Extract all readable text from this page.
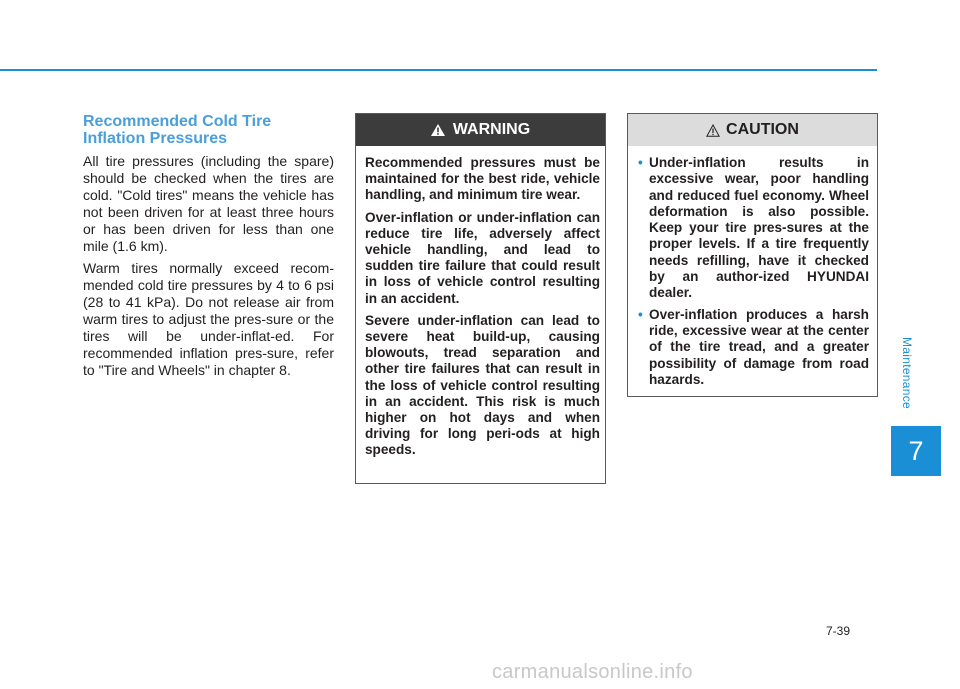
Recommended Cold Tire
Inflation Pressures

All tire pressures (including the spare) should be checked when the tires are cold. "Cold tires" means the vehicle has not been driven for at least three hours or has been driven for less than one mile (1.6 km).

Warm tires normally exceed recom-mended cold tire pressures by 4 to 6 psi (28 to 41 kPa). Do not release air from warm tires to adjust the pres-sure or the tires will be under-inflat-ed. For recommended inflation pres-sure, refer to "Tire and Wheels" in chapter 8.

WARNING

Recommended pressures must be maintained for the best ride, vehicle handling, and minimum tire wear.

Over-inflation or under-inflation can reduce tire life, adversely affect vehicle handling, and lead to sudden tire failure that could result in loss of vehicle control resulting in an accident.

Severe under-inflation can lead to severe heat build-up, causing blowouts, tread separation and other tire failures that can result in the loss of vehicle control resulting in an accident. This risk is much higher on hot days and when driving for long peri-ods at high speeds.

CAUTION
• Under-inflation results in excessive wear, poor handling and reduced fuel economy. Wheel deformation is also possible. Keep your tire pres-sures at the proper levels. If a tire frequently needs refilling, have it checked by an author-ized HYUNDAI dealer.
• Over-inflation produces a harsh ride, excessive wear at the center of the tire tread, and a greater possibility of damage from road hazards.	Maintenance
7
7-39
carmanualsonline.info
